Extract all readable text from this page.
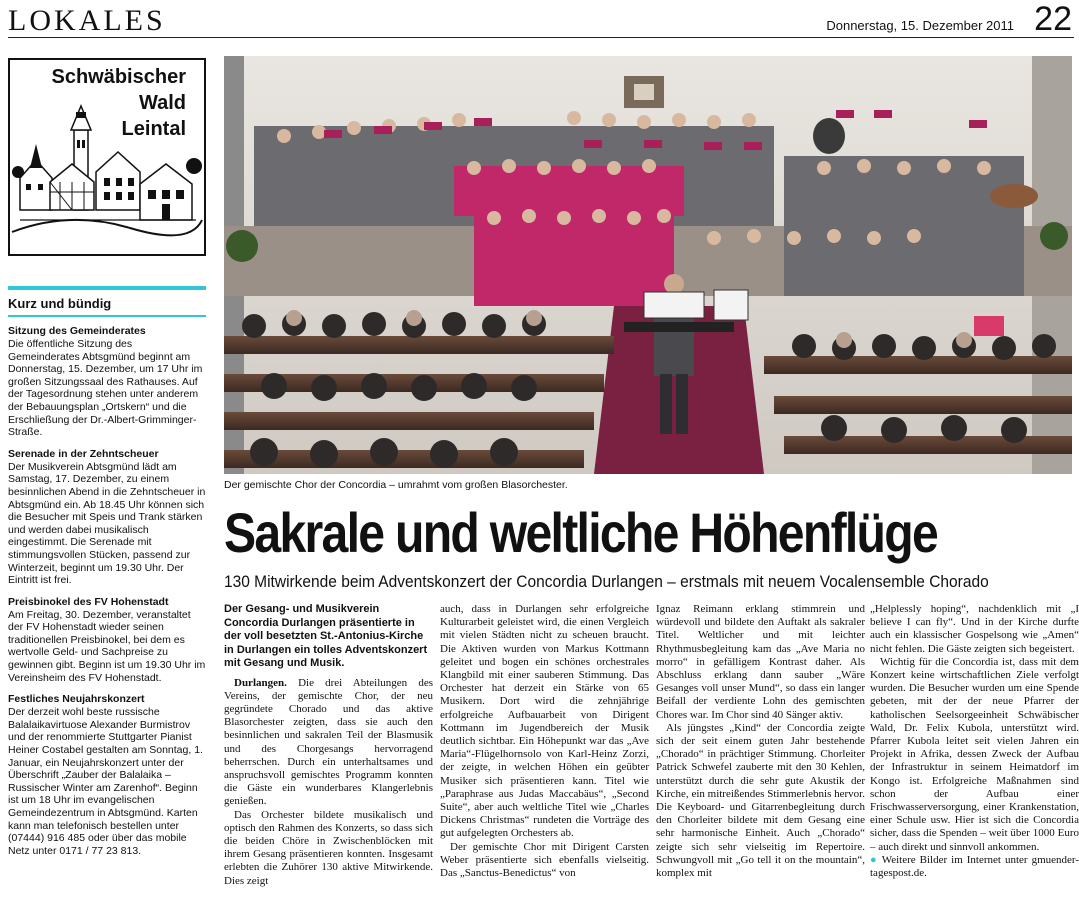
LOKALES	Donnerstag, 15. Dezember 2011 22
Schwäbischer
Wald
Leintal
Kurz und bündig
Sitzung des Gemeinderates

Die öffentliche Sitzung des Gemeinderates Abtsgmünd beginnt am Donnerstag, 15. Dezember, um 17 Uhr im großen Sitzungssaal des Rathauses. Auf der Tagesordnung stehen unter anderem der Bebauungsplan „Ortskern“ und die Erschließung der Dr.-Albert-Grimminger-Straße.

Serenade in der Zehntscheuer

Der Musikverein Abtsgmünd lädt am Samstag, 17. Dezember, zu einem besinnlichen Abend in die Zehntscheuer in Abtsgmünd ein. Ab 18.45 Uhr können sich die Besucher mit Speis und Trank stärken und werden dabei musikalisch eingestimmt. Die Serenade mit stimmungsvollen Stücken, passend zur Winterzeit, beginnt um 19.30 Uhr. Der Eintritt ist frei.

Preisbinokel des FV Hohenstadt

Am Freitag, 30. Dezember, veranstaltet der FV Hohenstadt wieder seinen traditionellen Preisbinokel, bei dem es wertvolle Geld- und Sachpreise zu gewinnen gibt. Beginn ist um 19.30 Uhr im Vereinsheim des FV Hohenstadt.

Festliches Neujahrskonzert

Der derzeit wohl beste russische Balalaikavirtuose Alexander Burmistrov und der renommierte Stuttgarter Pianist Heiner Costabel gestalten am Sonntag, 1. Januar, ein Neujahrskonzert unter der Überschrift „Zauber der Balalaika – Russischer Winter am Zarenhof“. Beginn ist um 18 Uhr im evangelischen Gemeindezentrum in Abtsgmünd. Karten kann man telefonisch bestellen unter (07444) 916 485 oder über das mobile Netz unter 0171 / 77 23 813.

Der gemischte Chor der Concordia – umrahmt vom großen Blasorchester.
Sakrale und weltliche Höhenflüge
130 Mitwirkende beim Adventskonzert der Concordia Durlangen – erstmals mit neuem Vocalensemble Chorado
Der Gesang- und Musikverein Concordia Durlangen präsentierte in der voll besetzten St.-Antonius-Kirche in Durlangen ein tolles Adventskonzert mit Gesang und Musik.

Durlangen. Die drei Abteilungen des Vereins, der gemischte Chor, der neu gegründete Chorado und das aktive Blasorchester zeigten, dass sie auch den besinnlichen und sakralen Teil der Blasmusik und des Chorgesangs hervorragend beherrschen. Durch ein unterhaltsames und anspruchsvoll gemischtes Programm konnten die Gäste ein wunderbares Klangerlebnis genießen.

Das Orchester bildete musikalisch und optisch den Rahmen des Konzerts, so dass sich die beiden Chöre in Zwischenblöcken mit ihrem Gesang präsentieren konnten. Insgesamt erlebten die Zuhörer 130 aktive Mitwirkende. Dies zeigt

auch, dass in Durlangen sehr erfolgreiche Kulturarbeit geleistet wird, die einen Vergleich mit vielen Städten nicht zu scheuen braucht. Die Aktiven wurden von Markus Kottmann geleitet und bogen ein schönes orchestrales Klangbild mit einer sauberen Stimmung. Das Orchester hat derzeit ein Stärke von 65 Musikern. Dort wird die zehnjährige erfolgreiche Aufbauarbeit von Dirigent Kottmann im Jugendbereich der Musik deutlich sichtbar. Ein Höhepunkt war das „Ave Maria“-Flügelhornsolo von Karl-Heinz Zorzi, der zeigte, in welchen Höhen ein geübter Musiker sich präsentieren kann. Titel wie „Paraphrase aus Judas Maccabäus“, „Second Suite“, aber auch weltliche Titel wie „Charles Dickens Christmas“ rundeten die Vorträge des gut aufgelegten Orchesters ab.

Der gemischte Chor mit Dirigent Carsten Weber präsentierte sich ebenfalls vielseitig. Das „Sanctus-Benedictus“ von

Ignaz Reimann erklang stimmrein und würdevoll und bildete den Auftakt als sakraler Titel. Weltlicher und mit leichter Rhythmusbegleitung kam das „Ave Maria no morro“ in gefälligem Kontrast daher. Als Abschluss erklang dann sauber „Wäre Gesanges voll unser Mund“, so dass ein langer Beifall der verdiente Lohn des gemischten Chores war. Im Chor sind 40 Sänger aktiv.

Als jüngstes „Kind“ der Concordia zeigte sich der seit einem guten Jahr bestehende „Chorado“ in prächtiger Stimmung. Chorleiter Patrick Schwefel zauberte mit den 30 Kehlen, unterstützt durch die sehr gute Akustik der Kirche, ein mitreißendes Stimmerlebnis hervor. Die Keyboard- und Gitarrenbegleitung durch den Chorleiter bildete mit dem Gesang eine sehr harmonische Einheit. Auch „Chorado“ zeigte sich sehr vielseitig im Repertoire. Schwungvoll mit „Go tell it on the mountain“, komplex mit

„Helplessly hoping“, nachdenklich mit „I believe I can fly“. Und in der Kirche durfte auch ein klassischer Gospelsong wie „Amen“ nicht fehlen. Die Gäste zeigten sich begeistert.

Wichtig für die Concordia ist, dass mit dem Konzert keine wirtschaftlichen Ziele verfolgt wurden. Die Besucher wurden um eine Spende gebeten, mit der der neue Pfarrer der katholischen Seelsorgeeinheit Schwäbischer Wald, Dr. Felix Kubola, unterstützt wird. Pfarrer Kubola leitet seit vielen Jahren ein Projekt in Afrika, dessen Zweck der Aufbau der Infrastruktur in seinem Heimatdorf im Kongo ist. Erfolgreiche Maßnahmen sind schon der Aufbau einer Frischwasserversorgung, einer Krankenstation, einer Schule usw. Hier ist sich die Concordia sicher, dass die Spenden – weit über 1000 Euro – auch direkt und sinnvoll ankommen.

● Weitere Bilder im Internet unter gmuender-tagespost.de.
